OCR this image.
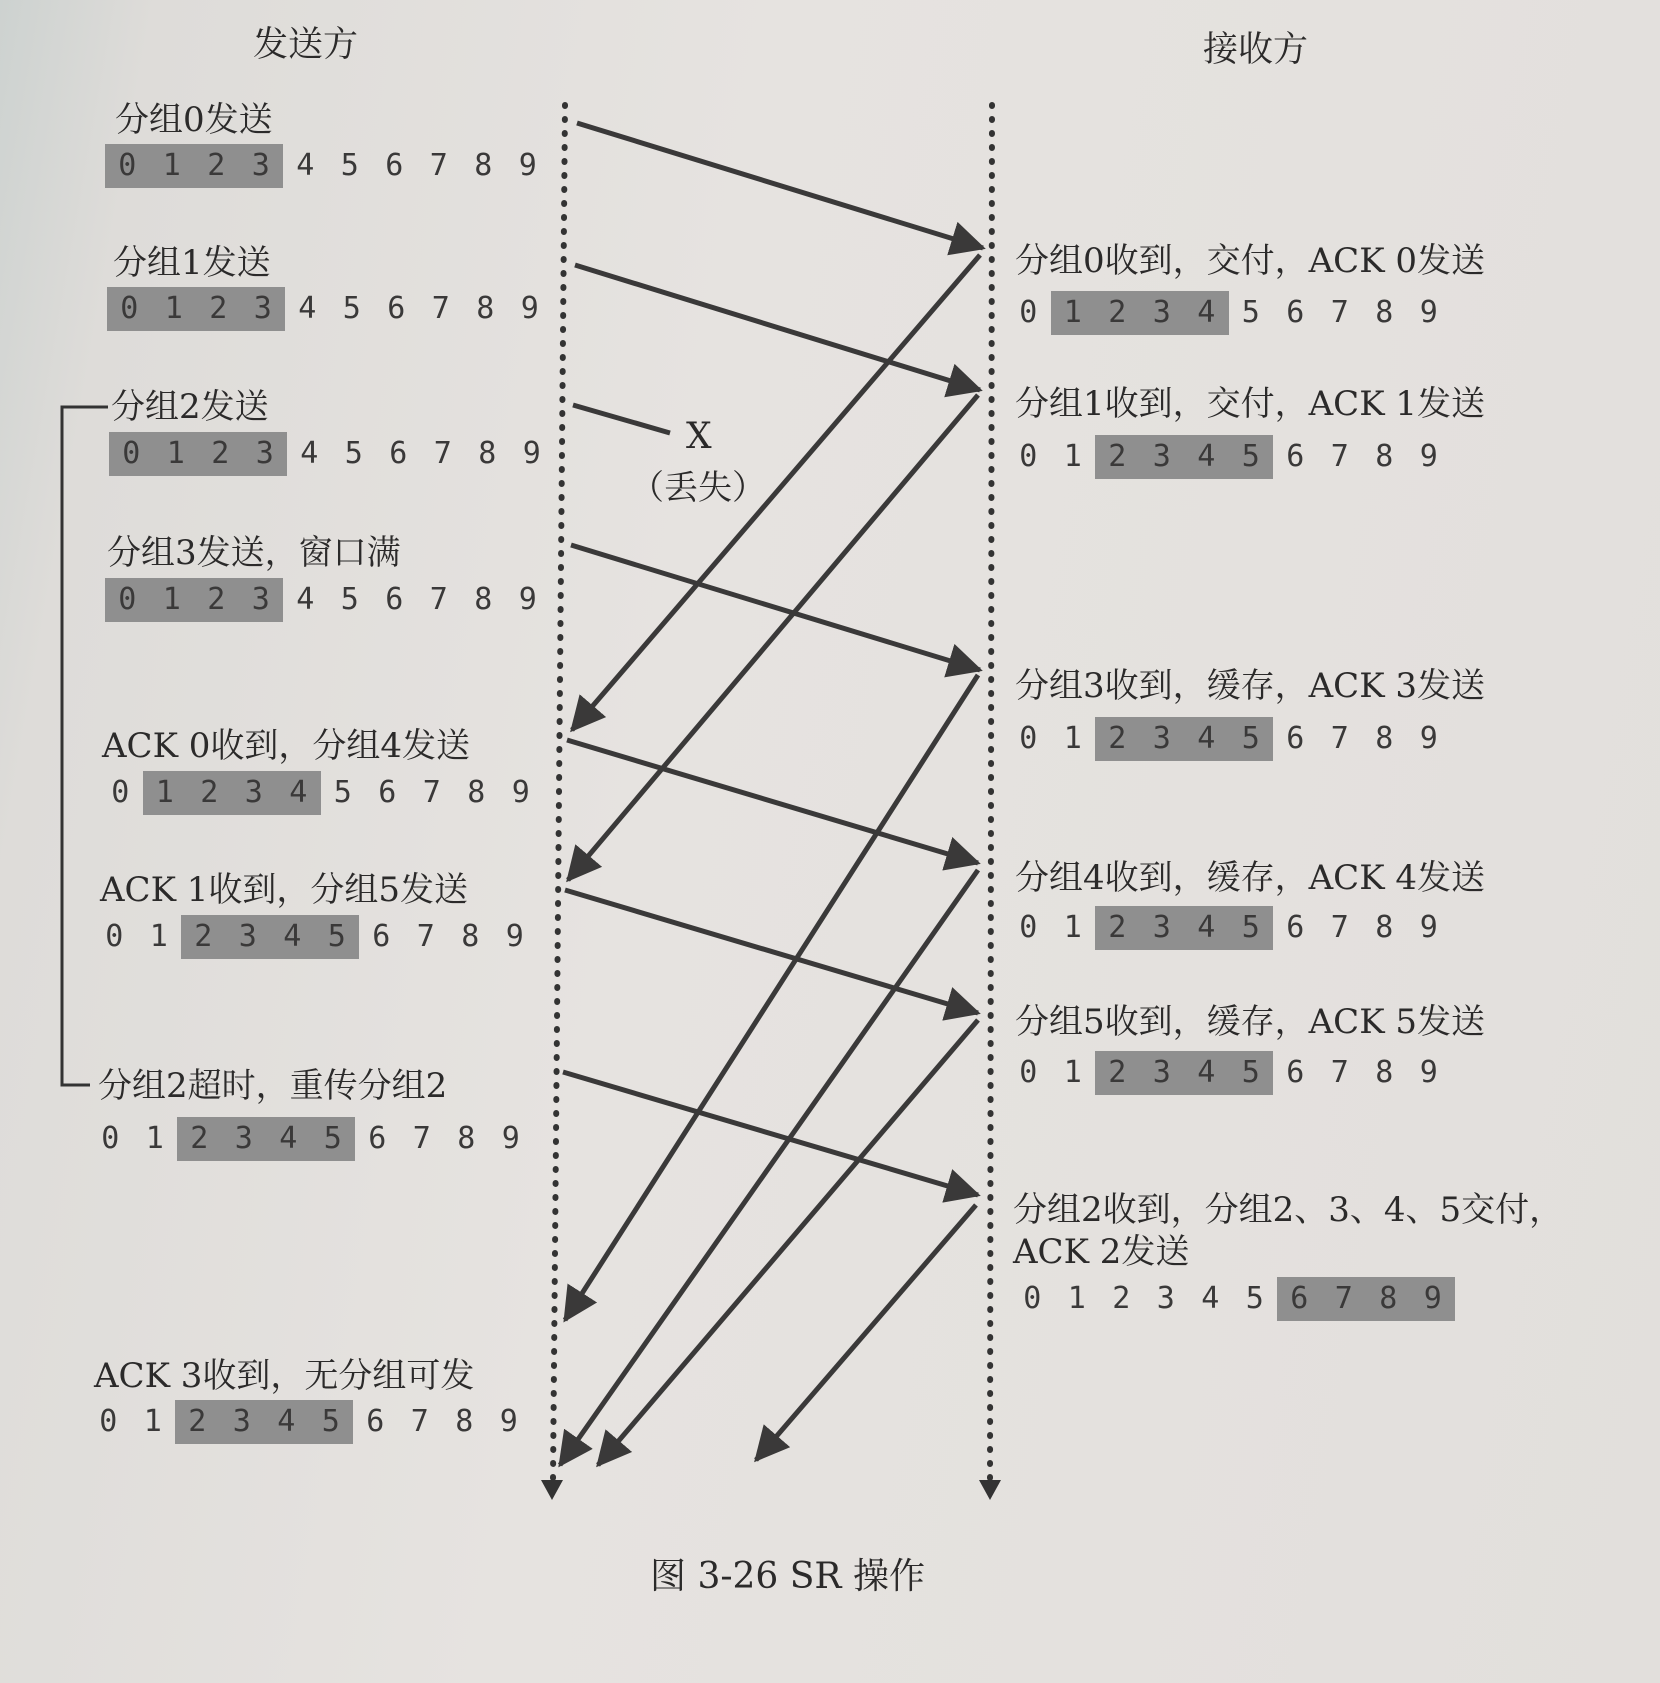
发送方	接收方
分组0发送
0 1 2 3 4 5 6 7 8 9
分组1发送
0 1 2 3 4 5 6 7 8 9
分组2发送
0 1 2 3 4 5 6 7 8 9
分组3发送，窗口满
0 1 2 3 4 5 6 7 8 9
ACK 0收到，分组4发送
0 1 2 3 4 5 6 7 8 9
ACK 1收到，分组5发送
0 1 2 3 4 5 6 7 8 9
分组2超时，重传分组2
0 1 2 3 4 5 6 7 8 9
ACK 3收到，无分组可发
0 1 2 3 4 5 6 7 8 9
分组0收到，交付，ACK 0发送
0 1 2 3 4 5 6 7 8 9
分组1收到，交付，ACK 1发送
0 1 2 3 4 5 6 7 8 9
分组3收到，缓存，ACK 3发送
0 1 2 3 4 5 6 7 8 9
分组4收到，缓存，ACK 4发送
0 1 2 3 4 5 6 7 8 9
分组5收到，缓存，ACK 5发送
0 1 2 3 4 5 6 7 8 9
分组2收到，分组2、3、4、5交付，
ACK 2发送
0 1 2 3 4 5 6 7 8 9
X
（丢失）
图 3-26 SR 操作
